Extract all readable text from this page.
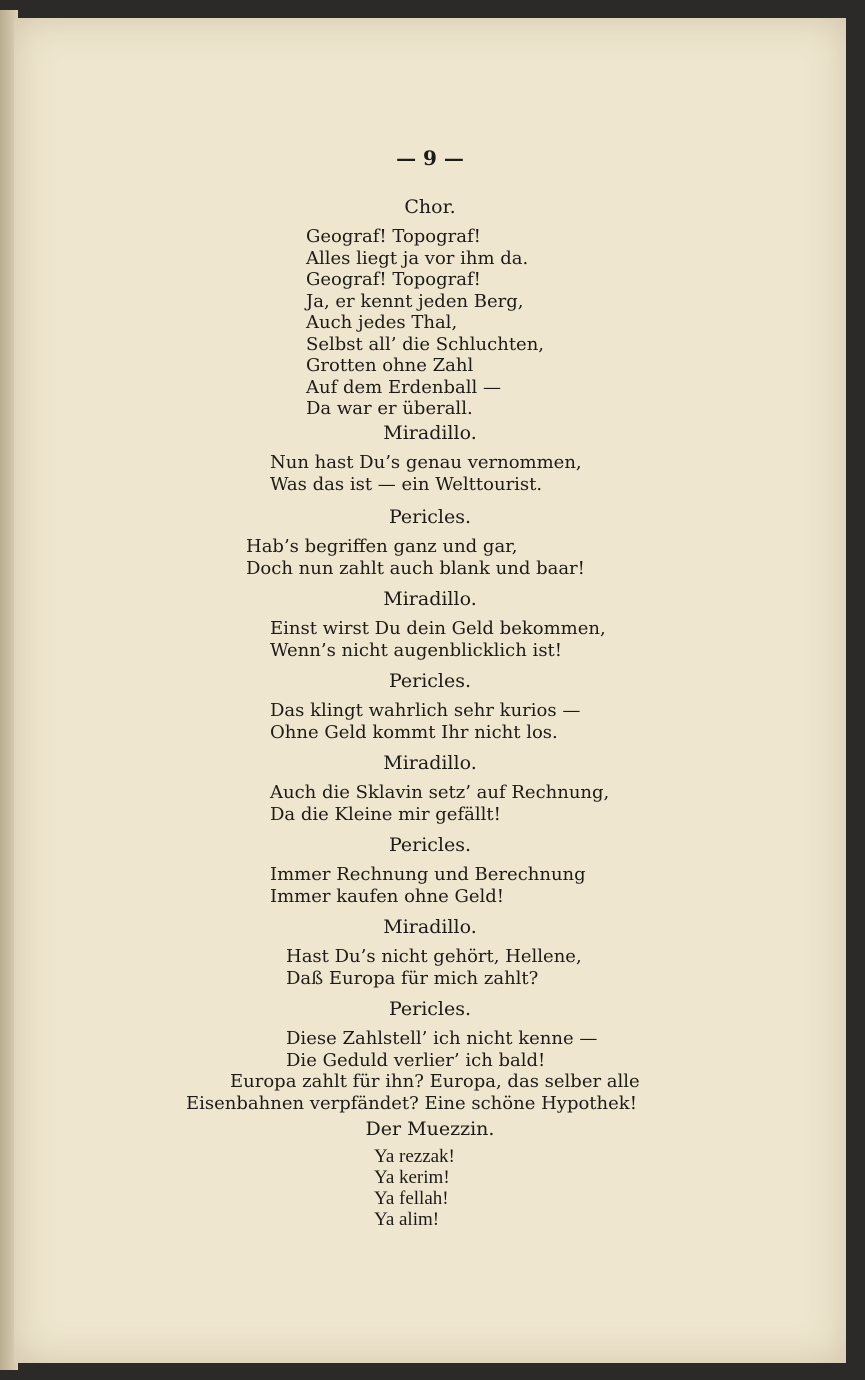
— 9 —
Chor.
Geograf! Topograf!
Alles liegt ja vor ihm da.
Geograf! Topograf!
Ja, er kennt jeden Berg,
Auch jedes Thal,
Selbst all’ die Schluchten,
Grotten ohne Zahl
Auf dem Erdenball —
Da war er überall.
Miradillo.
Nun hast Du’s genau vernommen,
Was das ist — ein Welttourist.
Pericles.
Hab’s begriffen ganz und gar,
Doch nun zahlt auch blank und baar!
Miradillo.
Einst wirst Du dein Geld bekommen,
Wenn’s nicht augenblicklich ist!
Pericles.
Das klingt wahrlich sehr kurios —
Ohne Geld kommt Ihr nicht los.
Miradillo.
Auch die Sklavin setz’ auf Rechnung,
Da die Kleine mir gefällt!
Pericles.
Immer Rechnung und Berechnung
Immer kaufen ohne Geld!
Miradillo.
Hast Du’s nicht gehört, Hellene,
Daß Europa für mich zahlt?
Pericles.
Diese Zahlstell’ ich nicht kenne —
Die Geduld verlier’ ich bald!
Europa zahlt für ihn? Europa, das selber alle
Eisenbahnen verpfändet? Eine schöne Hypothek!
Der Muezzin.
Ya rezzak!
Ya kerim!
Ya fellah!
Ya alim!
